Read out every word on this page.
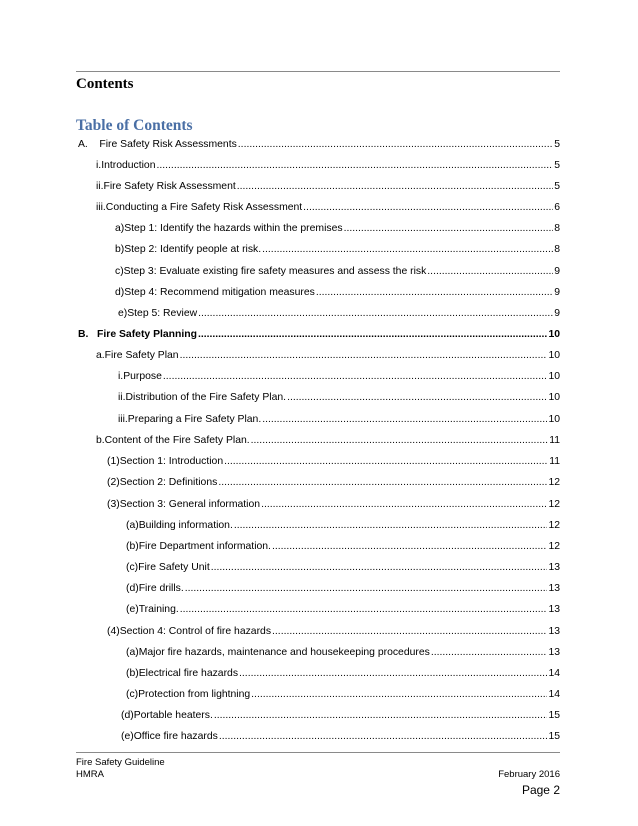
Contents
Table of Contents
A.    Fire Safety Risk Assessments .....	5
i.Introduction .....	5
ii.Fire Safety Risk Assessment .....	5
iii.Conducting a Fire Safety Risk Assessment .....	6
a)Step 1: Identify the hazards within the premises .....	8
b)Step 2: Identify people at risk. .....	8
c)Step 3: Evaluate existing fire safety measures and assess the risk .....	9
d)Step 4: Recommend mitigation measures .....	9
e)Step 5: Review .....	9
B.   Fire Safety Planning .....	10
a.Fire Safety Plan .....	10
i.Purpose .....	10
ii.Distribution of the Fire Safety Plan. .....	10
iii.Preparing a Fire Safety Plan. .....	10
b.Content of the Fire Safety Plan. .....	11
(1)Section 1: Introduction .....	11
(2)Section 2: Definitions .....	12
(3)Section 3: General information .....	12
(a)Building information. .....	12
(b)Fire Department information. .....	12
(c)Fire Safety Unit .....	13
(d)Fire drills. .....	13
(e)Training. .....	13
(4)Section 4: Control of fire hazards .....	13
(a)Major fire hazards, maintenance and housekeeping procedures .....	13
(b)Electrical fire hazards .....	14
(c)Protection from lightning .....	14
(d)Portable heaters. .....	15
(e)Office fire hazards .....	15
Fire Safety Guideline
HMRA	February 2016
Page 2
